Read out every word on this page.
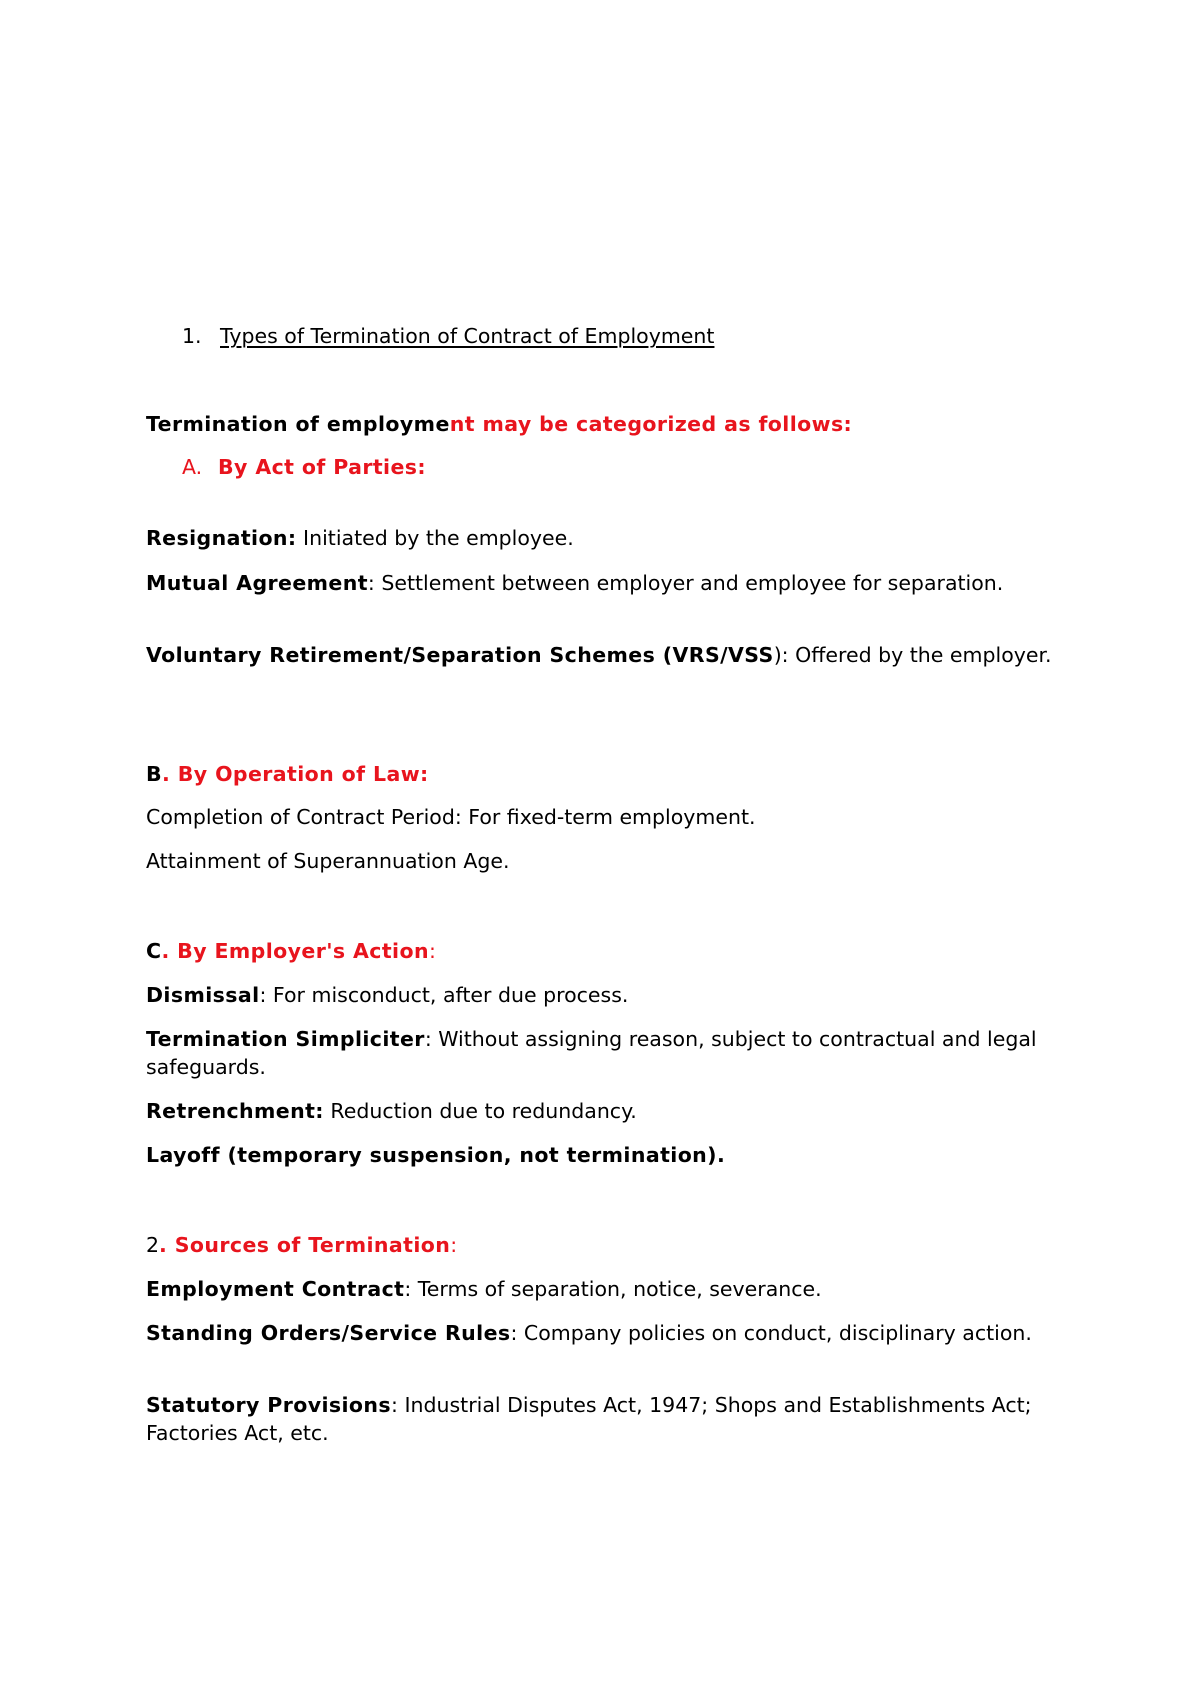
1. Types of Termination of Contract of Employment
Termination of employment may be categorized as follows:
A. By Act of Parties:
Resignation: Initiated by the employee.
Mutual Agreement: Settlement between employer and employee for separation.
Voluntary Retirement/Separation Schemes (VRS/VSS): Offered by the employer.
B. By Operation of Law:
Completion of Contract Period: For fixed-term employment.
Attainment of Superannuation Age.
C. By Employer's Action:
Dismissal: For misconduct, after due process.
Termination Simpliciter: Without assigning reason, subject to contractual and legal safeguards.
Retrenchment: Reduction due to redundancy.
Layoff (temporary suspension, not termination).
2. Sources of Termination:
Employment Contract: Terms of separation, notice, severance.
Standing Orders/Service Rules: Company policies on conduct, disciplinary action.
Statutory Provisions: Industrial Disputes Act, 1947; Shops and Establishments Act; Factories Act, etc.
